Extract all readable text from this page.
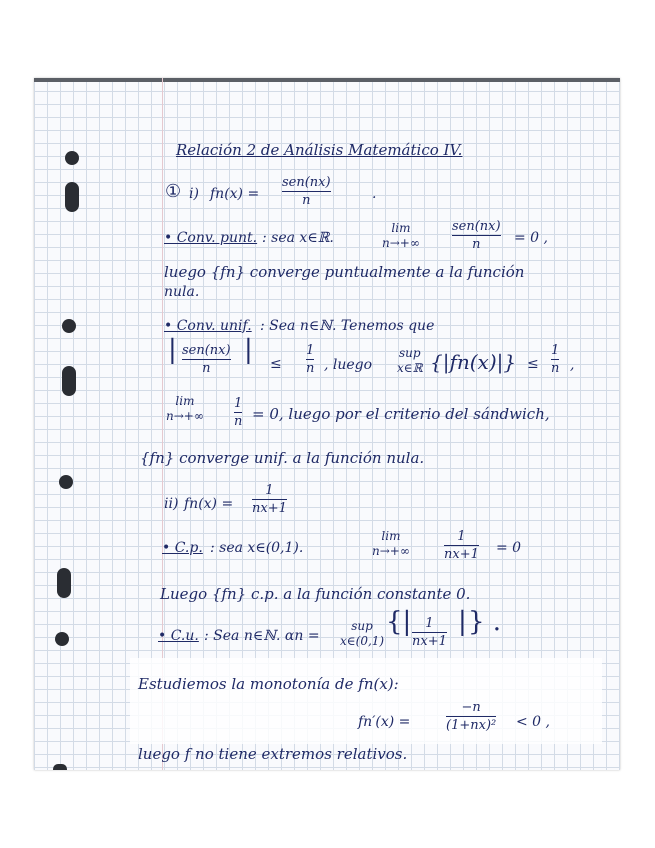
Relación 2 de Análisis Matemático IV.
① i) fn(x) =
sen(nx)
n	.
• Conv. punt. : sea x∈ℝ.
lim
n→+∞
sen(nx)
n = 0 ,
luego {fn} converge puntualmente a la función
nula.
• Conv. unif. : Sea n∈ℕ. Tenemos que
| sen(nx)
n
| ≤
1
n , luego
sup
x∈ℝ {|fn(x)|} ≤
1
n ,
lim
n→+∞
1
n = 0, luego por el criterio del sándwich,
{fn} converge unif. a la función nula.
ii) fn(x) =
1
nx+1
• C.p. : sea x∈(0,1).
lim
n→+∞
1
nx+1 = 0
Luego {fn} c.p. a la función constante 0.
• C.u. : Sea n∈ℕ. αn =
sup
x∈(0,1)
{| 1
nx+1
| } .
Estudiemos la monotonía de fn(x):
fn′(x) =
−n
(1+nx)² < 0 ,
luego f no tiene extremos relativos.
